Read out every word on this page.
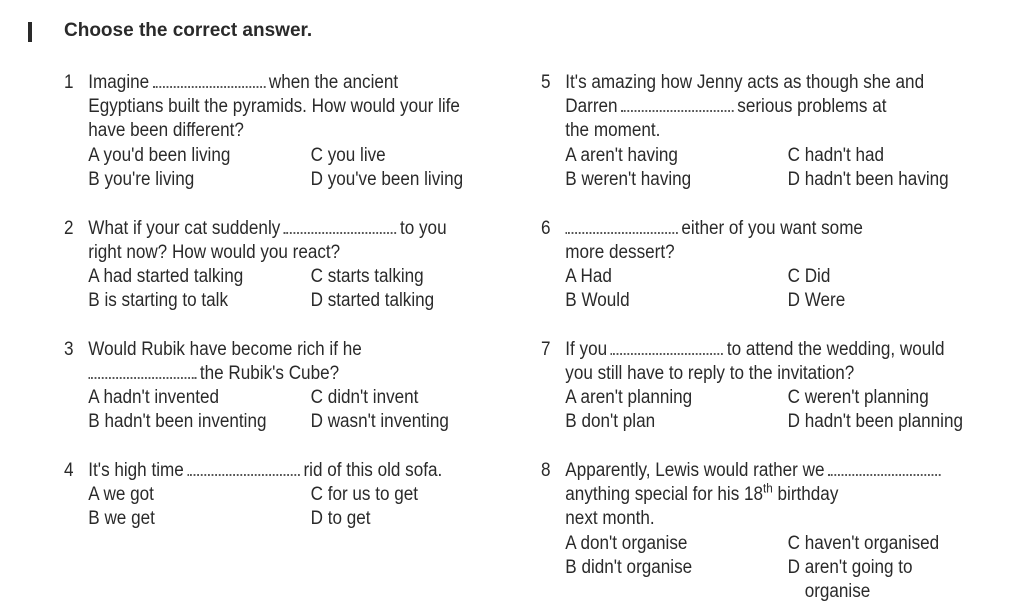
Choose the correct answer.
1 Imagine	when the ancient
Egyptians built the pyramids. How would your life
have been different?
A you'd been living
B you're living
C you live
D you've been living
2 What if your cat suddenly	to you
right now? How would you react?
A had started talking
B is starting to talk
C starts talking
D started talking
3 Would Rubik have become rich if he
the Rubik's Cube?
A hadn't invented
B hadn't been inventing
C didn't invent
D wasn't inventing
4 It's high time	rid of this old sofa.
A we got
B we get
C for us to get
D to get
5 It's amazing how Jenny acts as though she and
Darren	serious problems at
the moment.
A aren't having
B weren't having
C hadn't had
D hadn't been having
6	either of you want some
more dessert?
A Had
B Would
C Did
D Were
7 If you	to attend the wedding, would
you still have to reply to the invitation?
A aren't planning
B don't plan
C weren't planning
D hadn't been planning
8 Apparently, Lewis would rather we
anything special for his 18th birthday
next month.
A don't organise
B didn't organise
C haven't organised
D aren't going to
organise
